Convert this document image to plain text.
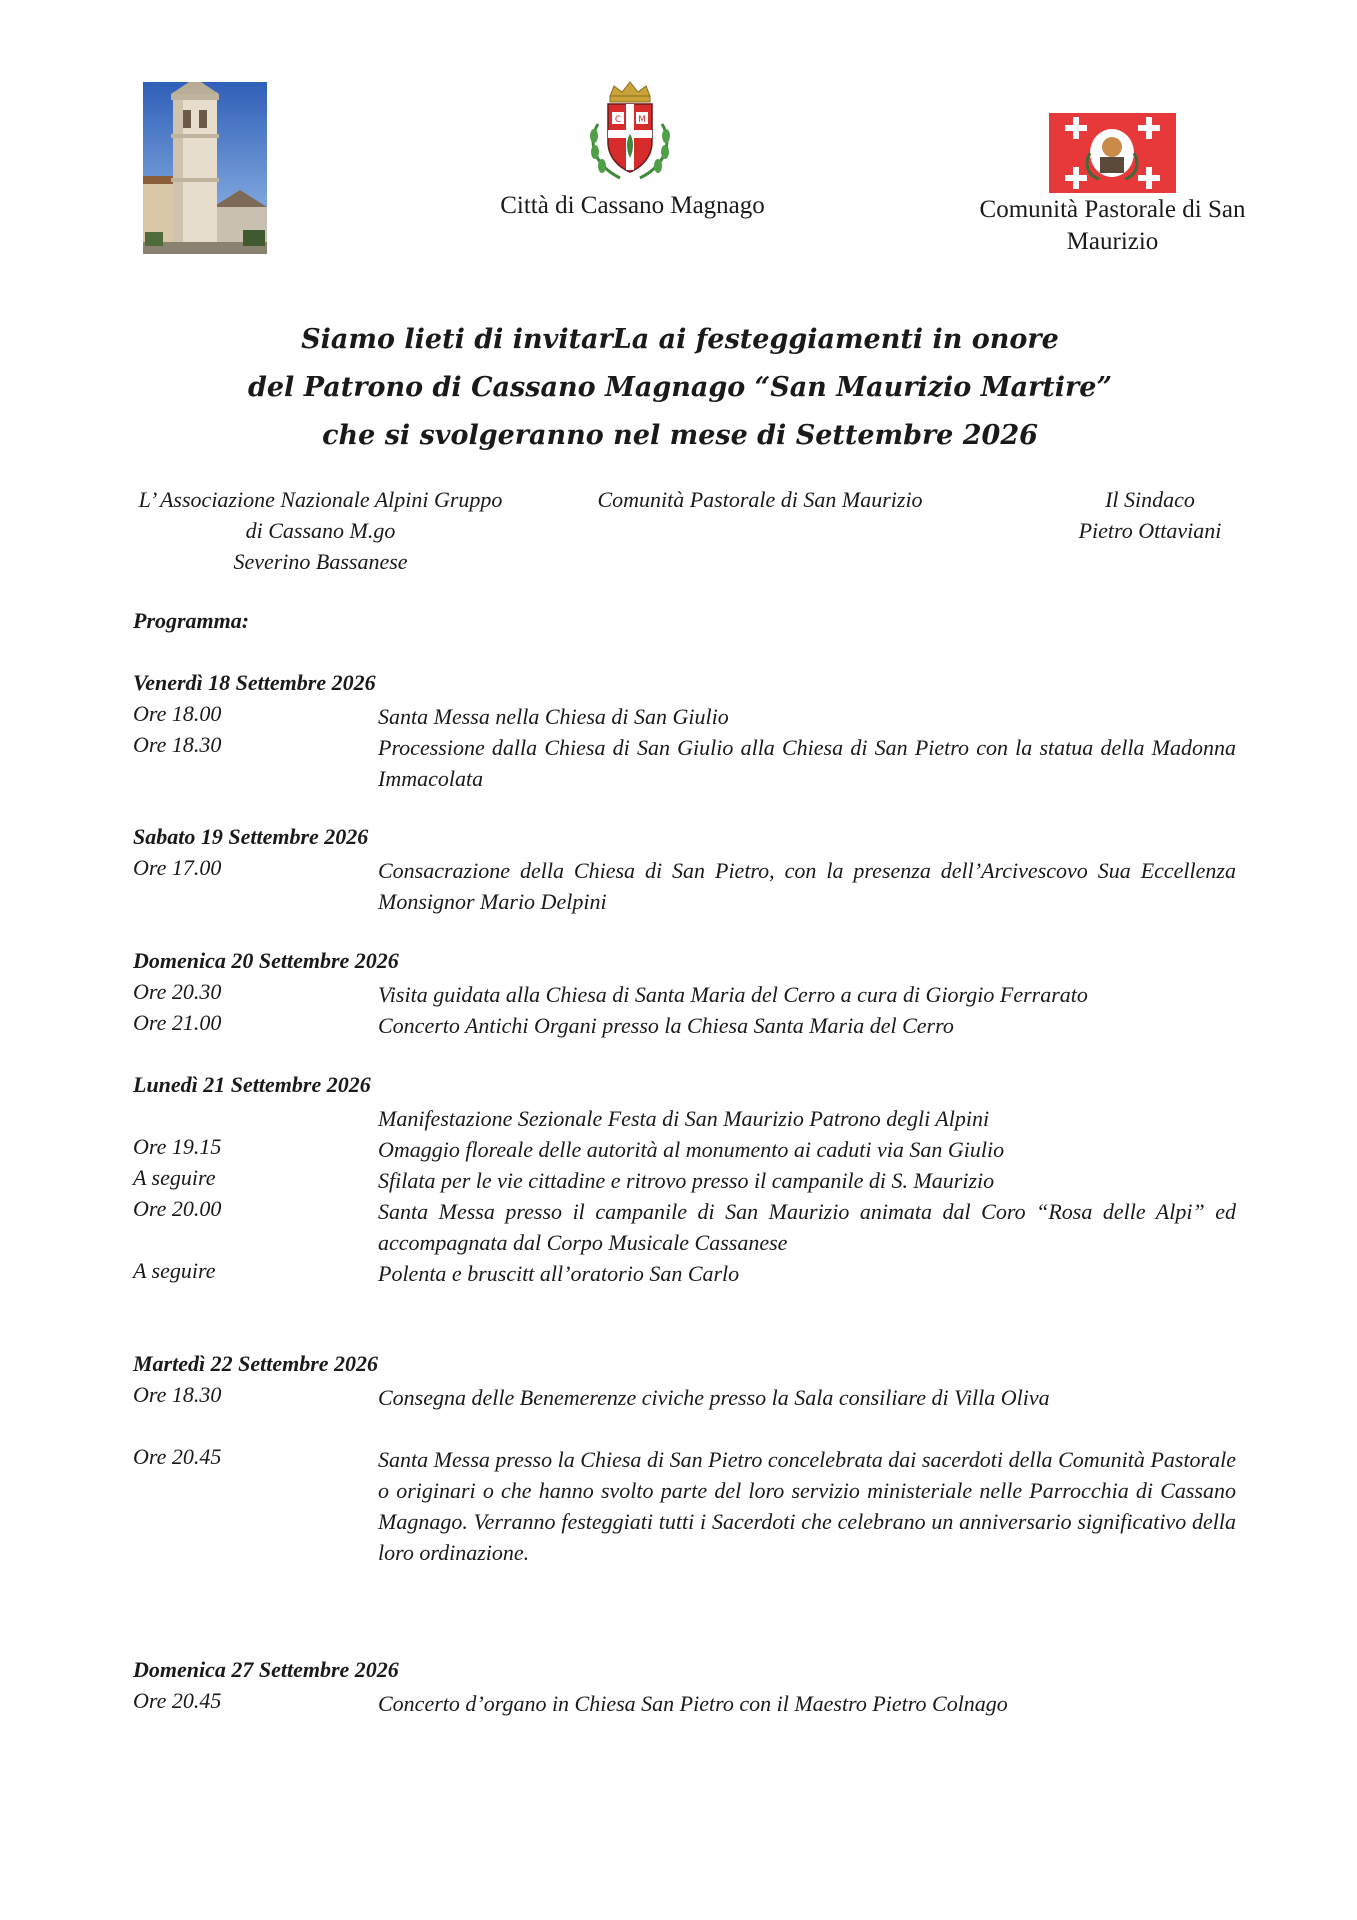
C M
Città di Cassano Magnago	Comunità Pastorale di San Maurizio
Siamo lieti di invitarLa ai festeggiamenti in onore
del Patrono di Cassano Magnago “San Maurizio Martire”
che si svolgeranno nel mese di Settembre 2026
L’ Associazione Nazionale Alpini Gruppo
di Cassano M.go
Severino Bassanese
Comunità Pastorale di San Maurizio	Il Sindaco
Pietro Ottaviani
Programma:
Venerdì 18 Settembre 2026
Ore 18.00	Santa Messa nella Chiesa di San Giulio
Ore 18.30	Processione dalla Chiesa di San Giulio alla Chiesa di San Pietro con la statua della Madonna Immacolata
Sabato 19 Settembre 2026
Ore 17.00	Consacrazione della Chiesa di San Pietro, con la presenza dell’Arcivescovo Sua Eccellenza Monsignor Mario Delpini
Domenica 20 Settembre 2026
Ore 20.30	Visita guidata alla Chiesa di Santa Maria del Cerro a cura di Giorgio Ferrarato
Ore 21.00	Concerto Antichi Organi presso la Chiesa Santa Maria del Cerro
Lunedì 21 Settembre 2026
Manifestazione Sezionale Festa di San Maurizio Patrono degli Alpini
Ore 19.15	Omaggio floreale delle autorità al monumento ai caduti via San Giulio
A seguire	Sfilata per le vie cittadine e ritrovo presso il campanile di S. Maurizio
Ore 20.00	Santa Messa presso il campanile di San Maurizio animata dal Coro “Rosa delle Alpi” ed accompagnata dal Corpo Musicale Cassanese
A seguire	Polenta e bruscitt all’oratorio San Carlo
Martedì 22 Settembre 2026
Ore 18.30	Consegna delle Benemerenze civiche presso la Sala consiliare di Villa Oliva
Ore 20.45	Santa Messa presso la Chiesa di San Pietro concelebrata dai sacerdoti della Comunità Pastorale o originari o che hanno svolto parte del loro servizio ministeriale nelle Parrocchia di Cassano Magnago. Verranno festeggiati tutti i Sacerdoti che celebrano un anniversario significativo della loro ordinazione.
Domenica 27 Settembre 2026
Ore 20.45	Concerto d’organo in Chiesa San Pietro con il Maestro Pietro Colnago
